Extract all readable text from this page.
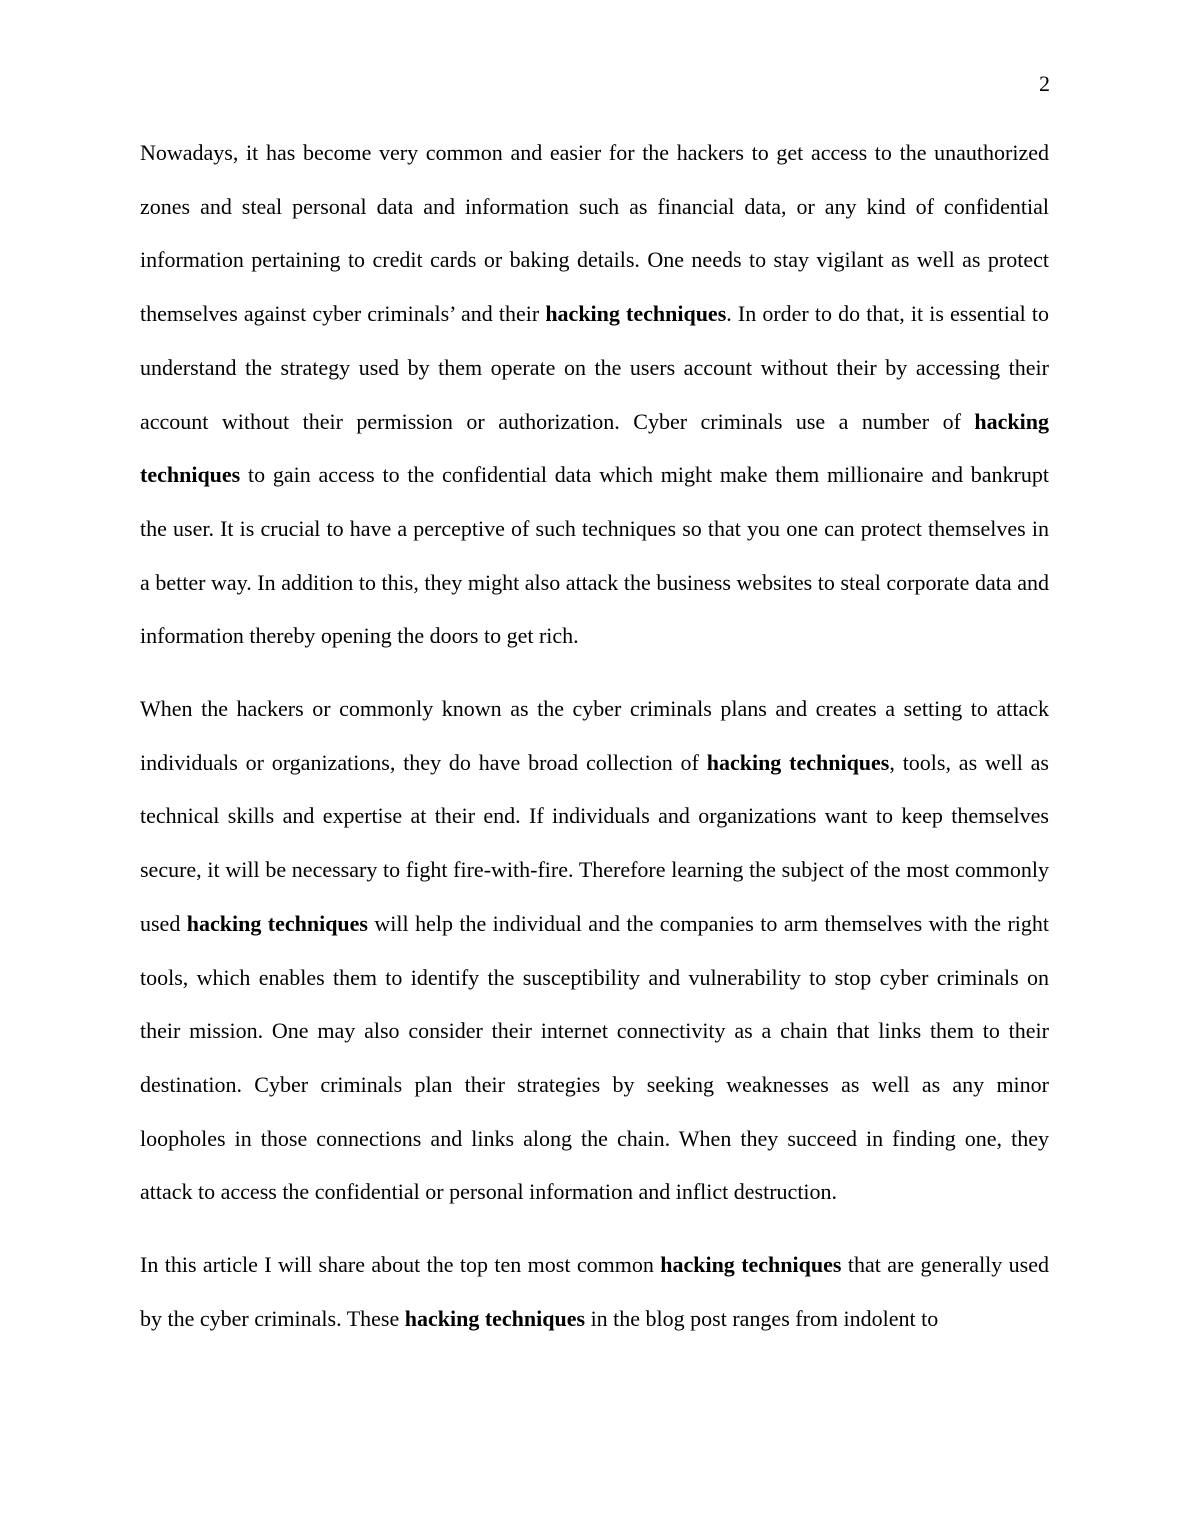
2

Nowadays, it has become very common and easier for the hackers to get access to the unauthorized zones and steal personal data and information such as financial data, or any kind of confidential information pertaining to credit cards or baking details. One needs to stay vigilant as well as protect themselves against cyber criminals’ and their hacking techniques. In order to do that, it is essential to understand the strategy used by them operate on the users account without their by accessing their account without their permission or authorization. Cyber criminals use a number of hacking techniques to gain access to the confidential data which might make them millionaire and bankrupt the user. It is crucial to have a perceptive of such techniques so that you one can protect themselves in a better way. In addition to this, they might also attack the business websites to steal corporate data and information thereby opening the doors to get rich.

When the hackers or commonly known as the cyber criminals plans and creates a setting to attack individuals or organizations, they do have broad collection of hacking techniques, tools, as well as technical skills and expertise at their end. If individuals and organizations want to keep themselves secure, it will be necessary to fight fire-with-fire. Therefore learning the subject of the most commonly used hacking techniques will help the individual and the companies to arm themselves with the right tools, which enables them to identify the susceptibility and vulnerability to stop cyber criminals on their mission. One may also consider their internet connectivity as a chain that links them to their destination. Cyber criminals plan their strategies by seeking weaknesses as well as any minor loopholes in those connections and links along the chain. When they succeed in finding one, they attack to access the confidential or personal information and inflict destruction.

In this article I will share about the top ten most common hacking techniques that are generally used by the cyber criminals. These hacking techniques in the blog post ranges from indolent to
